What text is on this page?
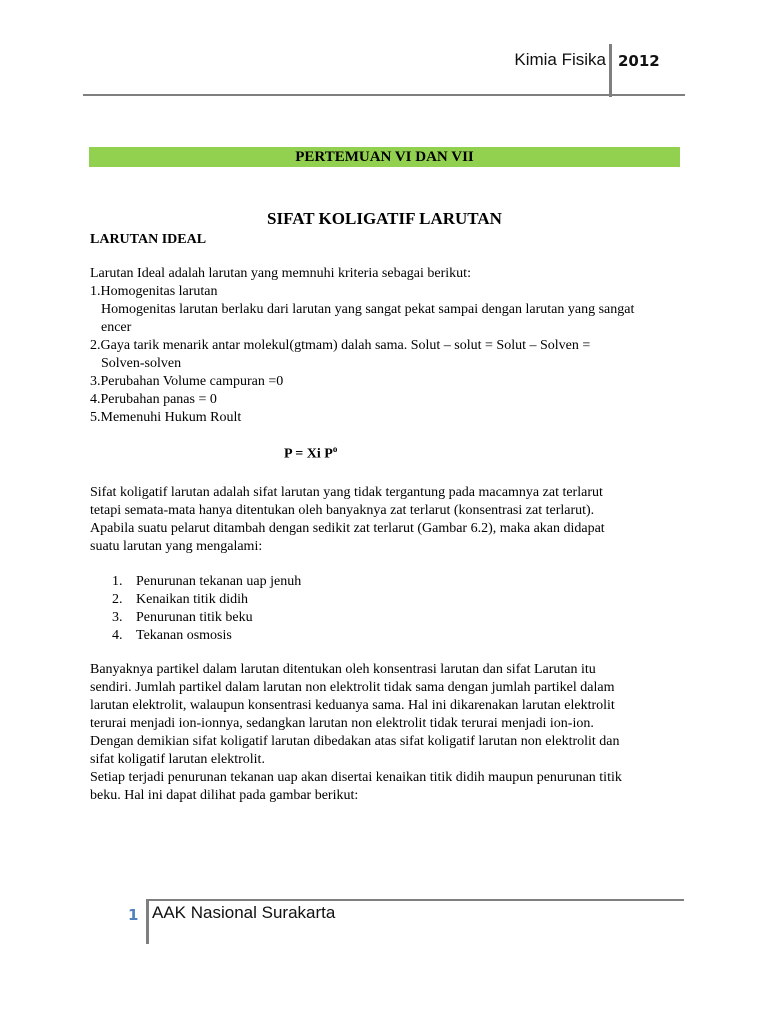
Kimia Fisika 2012
PERTEMUAN VI DAN VII
SIFAT KOLIGATIF LARUTAN
LARUTAN IDEAL
Larutan Ideal adalah larutan yang memnuhi kriteria sebagai berikut:
1.Homogenitas larutan
Homogenitas larutan berlaku dari larutan yang sangat pekat sampai dengan larutan yang sangat
encer
2.Gaya tarik menarik antar molekul(gtmam) dalah sama. Solut – solut = Solut – Solven =
Solven-solven
3.Perubahan Volume campuran =0
4.Perubahan panas = 0
5.Memenuhi Hukum Roult
P = Xi $P^o$
Sifat koligatif larutan adalah sifat larutan yang tidak tergantung pada macamnya zat terlarut
tetapi semata-mata hanya ditentukan oleh banyaknya zat terlarut (konsentrasi zat terlarut).
Apabila suatu pelarut ditambah dengan sedikit zat terlarut (Gambar 6.2), maka akan didapat
suatu larutan yang mengalami:
1. Penurunan tekanan uap jenuh
2. Kenaikan titik didih
3. Penurunan titik beku
4. Tekanan osmosis
Banyaknya partikel dalam larutan ditentukan oleh konsentrasi larutan dan sifat Larutan itu
sendiri. Jumlah partikel dalam larutan non elektrolit tidak sama dengan jumlah partikel dalam
larutan elektrolit, walaupun konsentrasi keduanya sama. Hal ini dikarenakan larutan elektrolit
terurai menjadi ion-ionnya, sedangkan larutan non elektrolit tidak terurai menjadi ion-ion.
Dengan demikian sifat koligatif larutan dibedakan atas sifat koligatif larutan non elektrolit dan
sifat koligatif larutan elektrolit.
Setiap terjadi penurunan tekanan uap akan disertai kenaikan titik didih maupun penurunan titik
beku. Hal ini dapat dilihat pada gambar berikut:
1 AAK Nasional Surakarta
